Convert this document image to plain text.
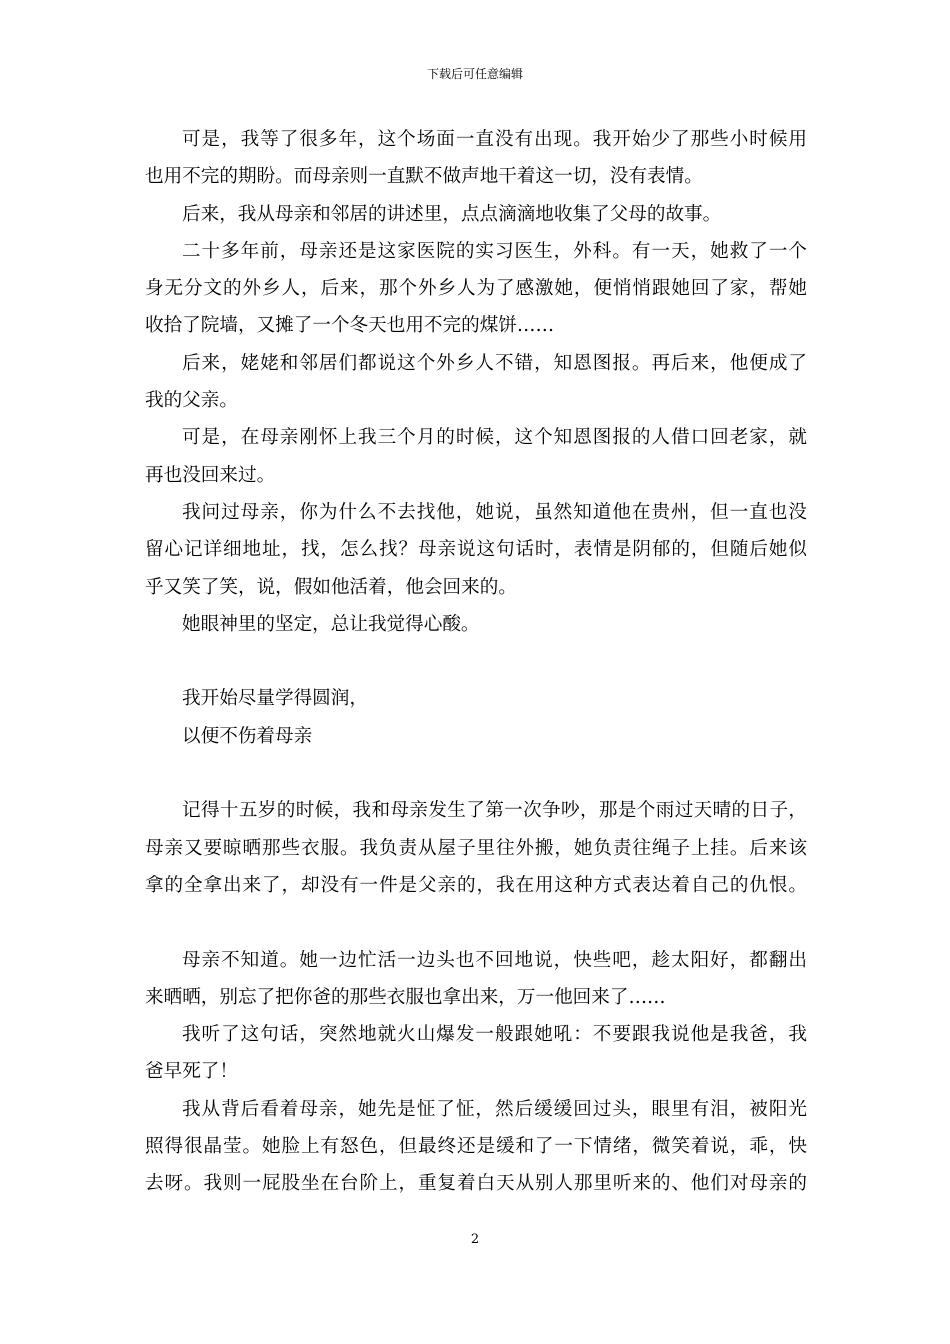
下载后可任意编辑
可是，我等了很多年，这个场面一直没有出现。我开始少了那些小时候用
也用不完的期盼。而母亲则一直默不做声地干着这一切，没有表情。
后来，我从母亲和邻居的讲述里，点点滴滴地收集了父母的故事。
二十多年前，母亲还是这家医院的实习医生，外科。有一天，她救了一个
身无分文的外乡人，后来，那个外乡人为了感激她，便悄悄跟她回了家，帮她
收拾了院墙，又摊了一个冬天也用不完的煤饼……
后来，姥姥和邻居们都说这个外乡人不错，知恩图报。再后来，他便成了
我的父亲。
可是，在母亲刚怀上我三个月的时候，这个知恩图报的人借口回老家，就
再也没回来过。
我问过母亲，你为什么不去找他，她说，虽然知道他在贵州，但一直也没
留心记详细地址，找，怎么找？母亲说这句话时，表情是阴郁的，但随后她似
乎又笑了笑，说，假如他活着，他会回来的。
她眼神里的坚定，总让我觉得心酸。
我开始尽量学得圆润，
以便不伤着母亲
记得十五岁的时候，我和母亲发生了第一次争吵，那是个雨过天晴的日子，
母亲又要晾晒那些衣服。我负责从屋子里往外搬，她负责往绳子上挂。后来该
拿的全拿出来了，却没有一件是父亲的，我在用这种方式表达着自己的仇恨。
母亲不知道。她一边忙活一边头也不回地说，快些吧，趁太阳好，都翻出
来晒晒，别忘了把你爸的那些衣服也拿出来，万一他回来了……
我听了这句话，突然地就火山爆发一般跟她吼：不要跟我说他是我爸，我
爸早死了！
我从背后看着母亲，她先是怔了怔，然后缓缓回过头，眼里有泪，被阳光
照得很晶莹。她脸上有怒色，但最终还是缓和了一下情绪，微笑着说，乖，快
去呀。我则一屁股坐在台阶上，重复着白天从别人那里听来的、他们对母亲的
2
